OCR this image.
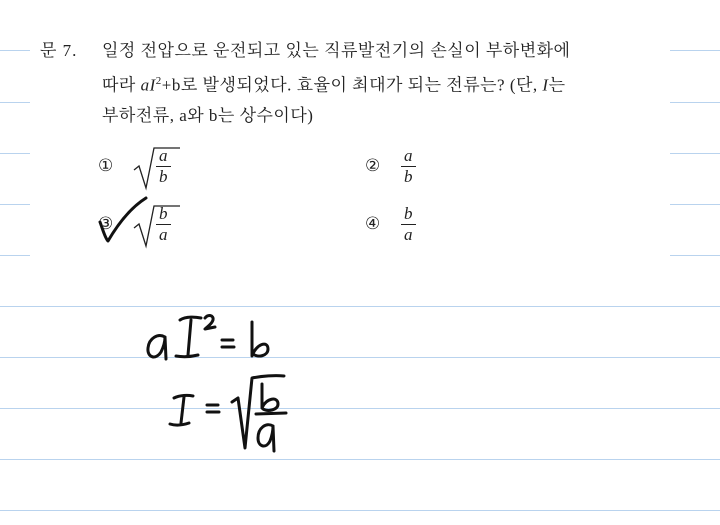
문 7. 일정 전압으로 운전되고 있는 직류발전기의 손실이 부하변화에
따라 $aI^2+b$로 발생되었다. 효율이 최대가 되는 전류는? (단, I는
부하전류, a와 b는 상수이다)
①	$\frac{a}{b}$	② $\frac{a}{b}$
③	$\frac{b}{a}$	④ $\frac{b}{a}$
